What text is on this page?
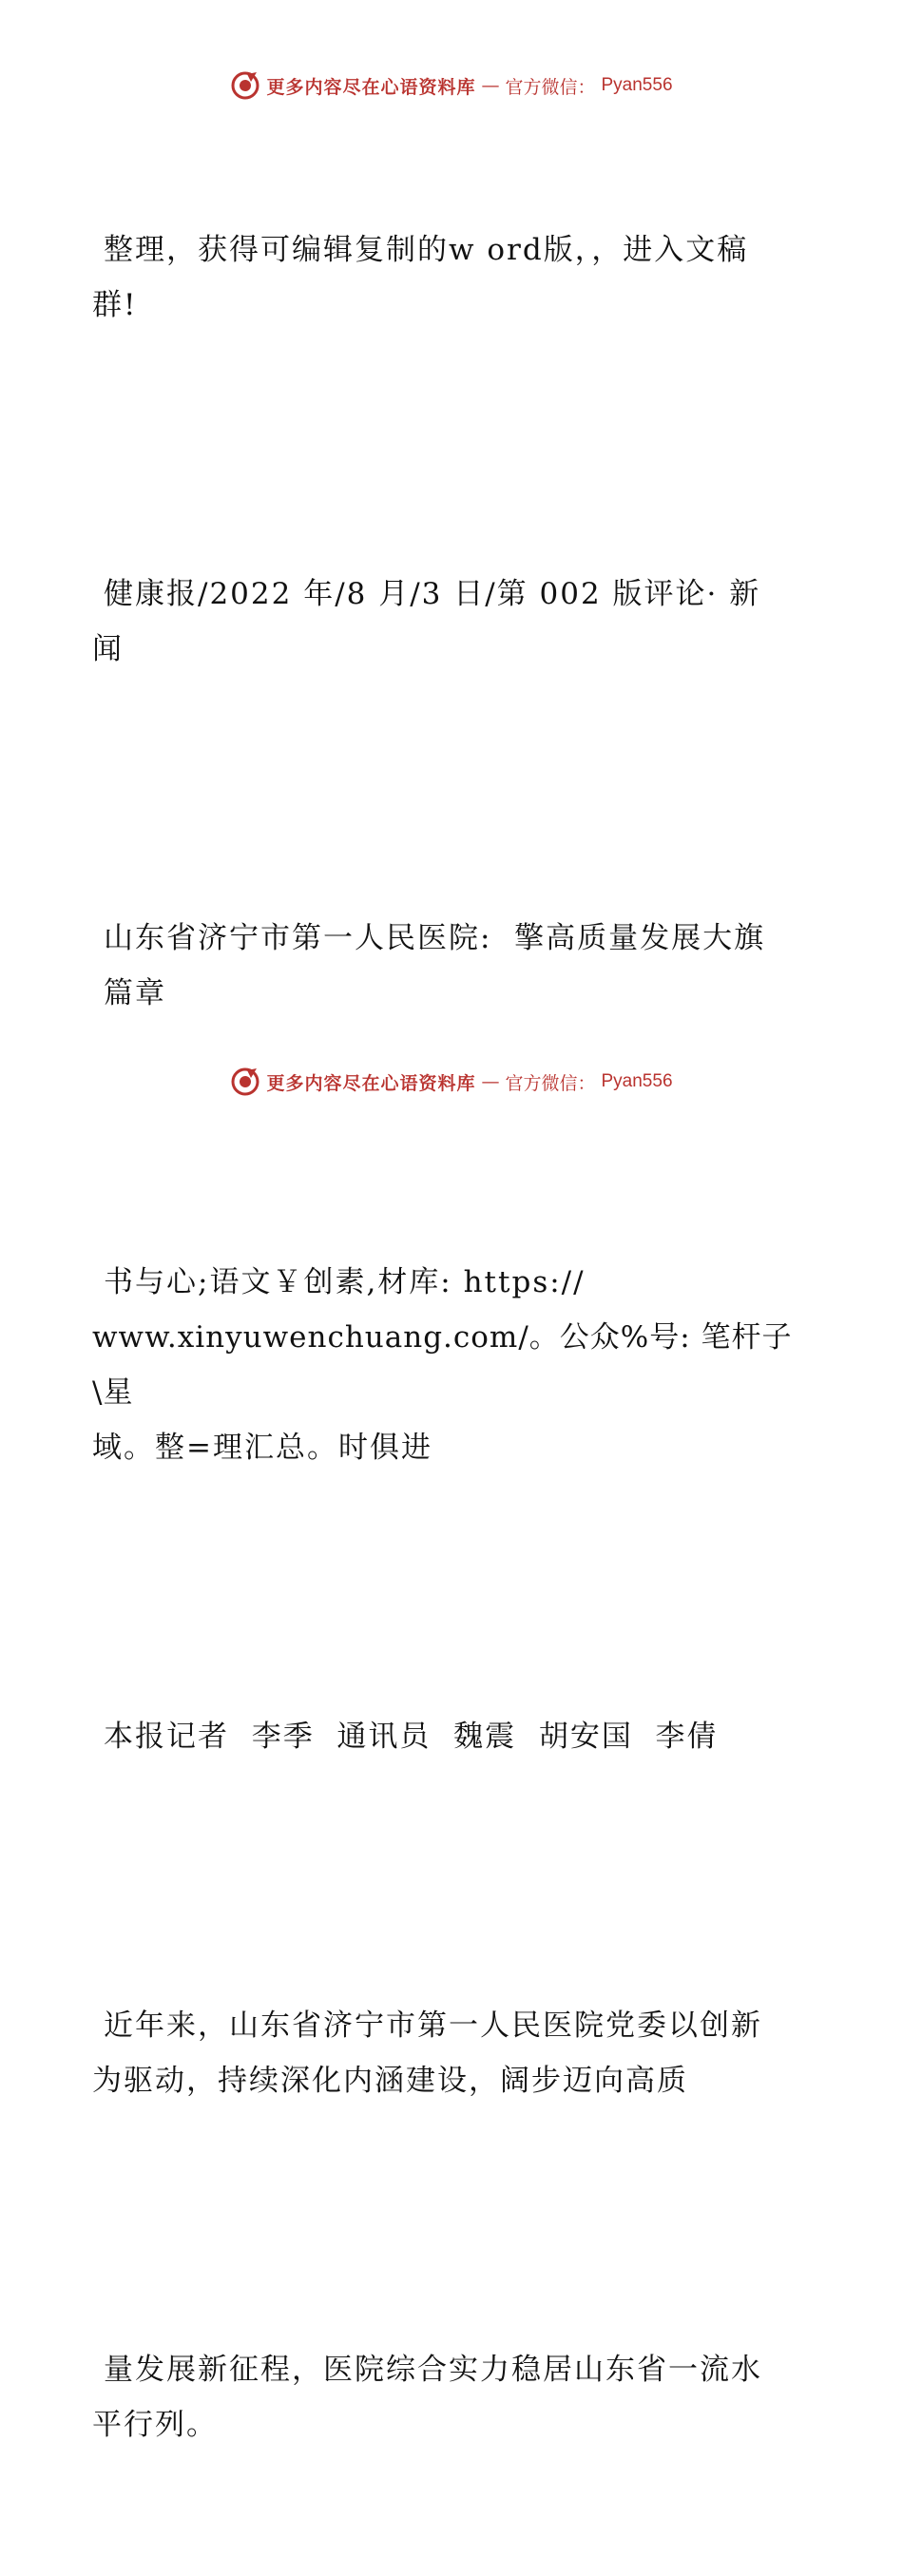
更多内容尽在心语资料库 — 官方微信： Pyan556

整理，获得可编辑复制的w ord版，，进入文稿
群!

健康报/2022 年/8 月/3 日/第 002 版评论· 新
闻

山东省济宁市第一人民医院:  擎高质量发展大旗
篇章

书与心;语文￥创素,材库: https://
www.xinyuwenchuang.com/。公众%号: 笔杆子\星
域。整=理汇总。时俱进

本报记者  李季  通讯员  魏震  胡安国  李倩

近年来，山东省济宁市第一人民医院党委以创新
为驱动，持续深化内涵建设，阔步迈向高质

量发展新征程，医院综合实力稳居山东省一流水
平行列。

更多内容尽在心语资料库 — 官方微信： Pyan556
